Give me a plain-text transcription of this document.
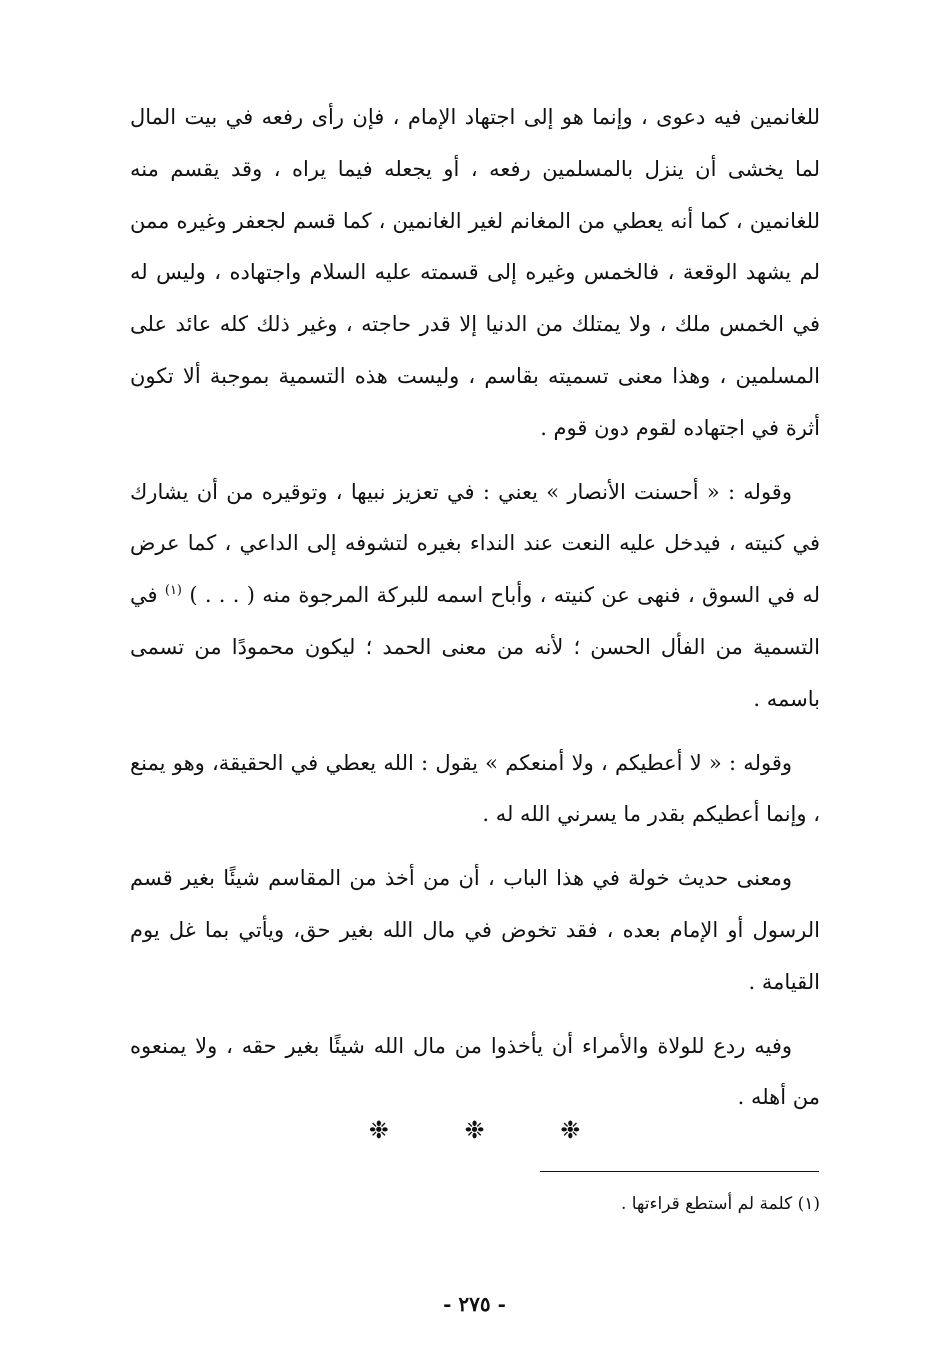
للغانمين فيه دعوى ، وإنما هو إلى اجتهاد الإمام ، فإن رأى رفعه في بيت المال لما يخشى أن ينزل بالمسلمين رفعه ، أو يجعله فيما يراه ، وقد يقسم منه للغانمين ، كما أنه يعطي من المغانم لغير الغانمين ، كما قسم لجعفر وغيره ممن لم يشهد الوقعة ، فالخمس وغيره إلى قسمته عليه السلام واجتهاده ، وليس له في الخمس ملك ، ولا يمتلك من الدنيا إلا قدر حاجته ، وغير ذلك كله عائد على المسلمين ، وهذا معنى تسميته بقاسم ، وليست هذه التسمية بموجبة ألا تكون أثرة في اجتهاده لقوم دون قوم .

وقوله : « أحسنت الأنصار » يعني : في تعزيز نبيها ، وتوقيره من أن يشارك في كنيته ، فيدخل عليه النعت عند النداء بغيره لتشوفه إلى الداعي ، كما عرض له في السوق ، فنهى عن كنيته ، وأباح اسمه للبركة المرجوة منه ( . . . ) $^{(١)}$ في التسمية من الفأل الحسن ؛ لأنه من معنى الحمد ؛ ليكون محمودًا من تسمى باسمه .

وقوله : « لا أعطيكم ، ولا أمنعكم » يقول : الله يعطي في الحقيقة، وهو يمنع ، وإنما أعطيكم بقدر ما يسرني الله له .

ومعنى حديث خولة في هذا الباب ، أن من أخذ من المقاسم شيئًا بغير قسم الرسول أو الإمام بعده ، فقد تخوض في مال الله بغير حق، ويأتي بما غل يوم القيامة .

وفيه ردع للولاة والأمراء أن يأخذوا من مال الله شيئًا بغير حقه ، ولا يمنعوه من أهله .

❉	❉	❉
(١) كلمة لم أستطع قراءتها .
- ٢٧٥ -
